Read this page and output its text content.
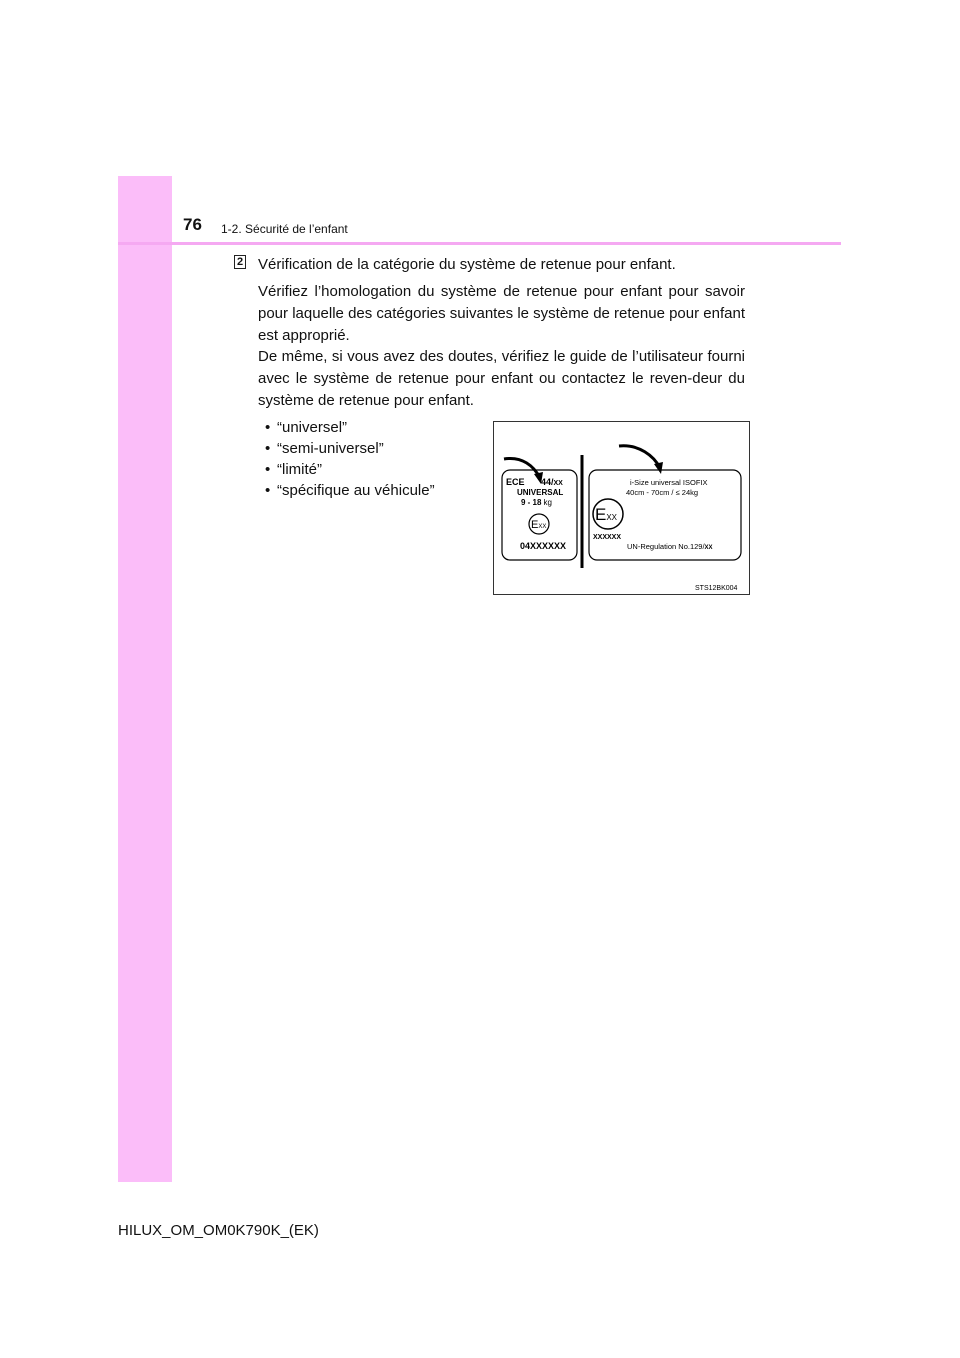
76 1-2. Sécurité de l’enfant
2 Vérification de la catégorie du système de retenue pour enfant.
Vérifiez l’homologation du système de retenue pour enfant pour savoir pour laquelle des catégories suivantes le système de retenue pour enfant est approprié.
De même, si vous avez des doutes, vérifiez le guide de l’utilisateur fourni avec le système de retenue pour enfant ou contactez le reven-deur du système de retenue pour enfant.
• “universel”
• “semi-universel”
• “limité”
• “spécifique au véhicule”	ECE 44/XX
UNIVERSAL
9 - 18 kg
EXX
04XXXXXX
i-Size universal ISOFIX
40cm - 70cm / ≤ 24kg
EXX
XXXXXX
UN-Regulation No.129/XX
STS12BK004
HILUX_OM_OM0K790K_(EK)
